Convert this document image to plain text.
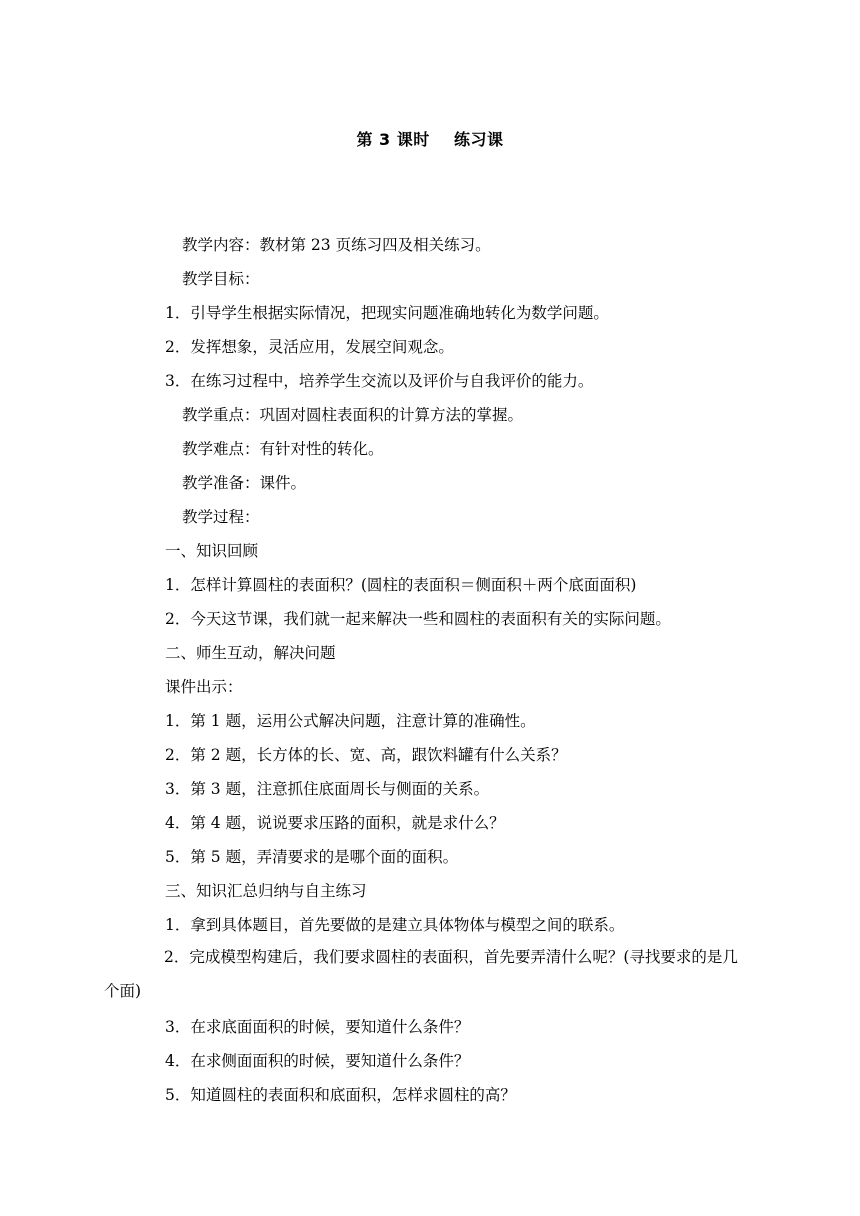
第 3 课时    练习课
教学内容：教材第 23 页练习四及相关练习。
教学目标：
1．引导学生根据实际情况，把现实问题准确地转化为数学问题。
2．发挥想象，灵活应用，发展空间观念。
3．在练习过程中，培养学生交流以及评价与自我评价的能力。
教学重点：巩固对圆柱表面积的计算方法的掌握。
教学难点：有针对性的转化。
教学准备：课件。
教学过程：
一、知识回顾
1．怎样计算圆柱的表面积？(圆柱的表面积＝侧面积＋两个底面面积)
2．今天这节课，我们就一起来解决一些和圆柱的表面积有关的实际问题。
二、师生互动，解决问题
课件出示：
1．第 1 题，运用公式解决问题，注意计算的准确性。
2．第 2 题，长方体的长、宽、高，跟饮料罐有什么关系？
3．第 3 题，注意抓住底面周长与侧面的关系。
4．第 4 题，说说要求压路的面积，就是求什么？
5．第 5 题，弄清要求的是哪个面的面积。
三、知识汇总归纳与自主练习
1．拿到具体题目，首先要做的是建立具体物体与模型之间的联系。
2．完成模型构建后，我们要求圆柱的表面积，首先要弄清什么呢？(寻找要求的是几个面)
3．在求底面面积的时候，要知道什么条件？
4．在求侧面面积的时候，要知道什么条件？
5．知道圆柱的表面积和底面积，怎样求圆柱的高？
